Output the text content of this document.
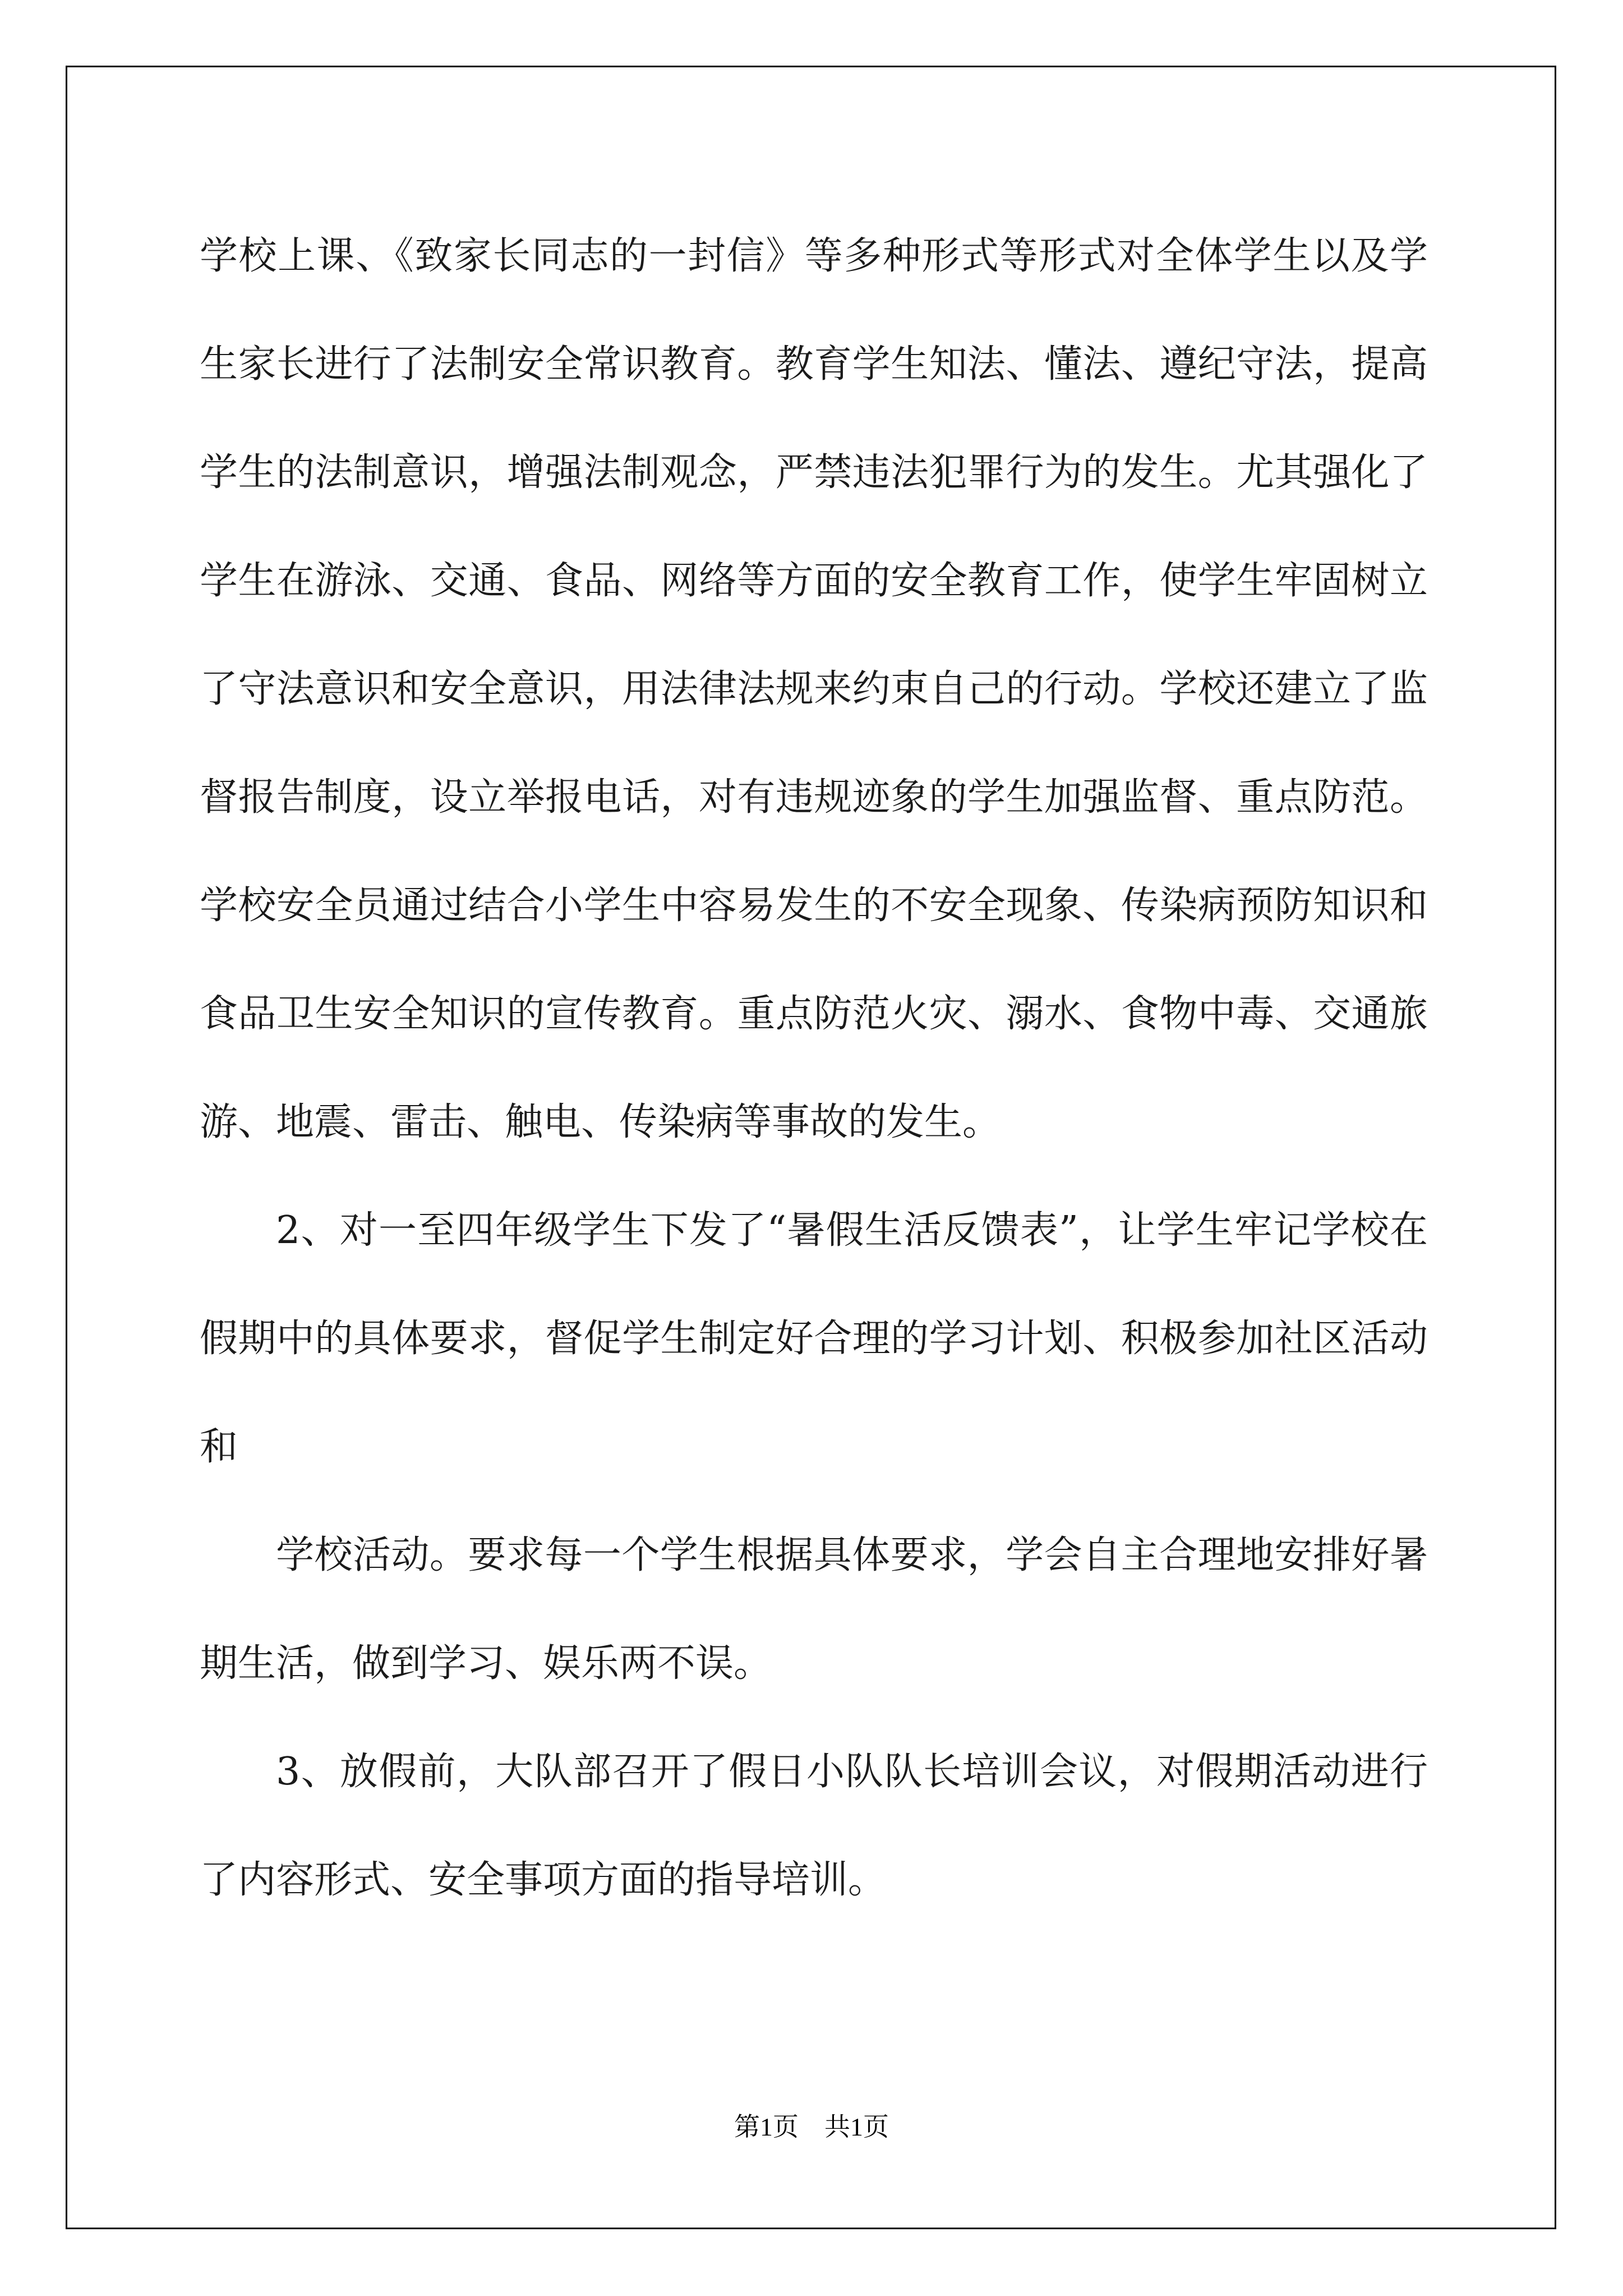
学校上课、《致家长同志的一封信》等多种形式等形式对全体学生以及学生家长进行了法制安全常识教育。教育学生知法、懂法、遵纪守法，提高学生的法制意识，增强法制观念，严禁违法犯罪行为的发生。尤其强化了学生在游泳、交通、食品、网络等方面的安全教育工作，使学生牢固树立了守法意识和安全意识，用法律法规来约束自己的行动。学校还建立了监督报告制度，设立举报电话，对有违规迹象的学生加强监督、重点防范。学校安全员通过结合小学生中容易发生的不安全现象、传染病预防知识和食品卫生安全知识的宣传教育。重点防范火灾、溺水、食物中毒、交通旅游、地震、雷击、触电、传染病等事故的发生。

2、对一至四年级学生下发了“暑假生活反馈表”，让学生牢记学校在假期中的具体要求，督促学生制定好合理的学习计划、积极参加社区活动和

学校活动。要求每一个学生根据具体要求，学会自主合理地安排好暑期生活，做到学习、娱乐两不误。

3、放假前，大队部召开了假日小队队长培训会议，对假期活动进行了内容形式、安全事项方面的指导培训。

第1页 共1页
